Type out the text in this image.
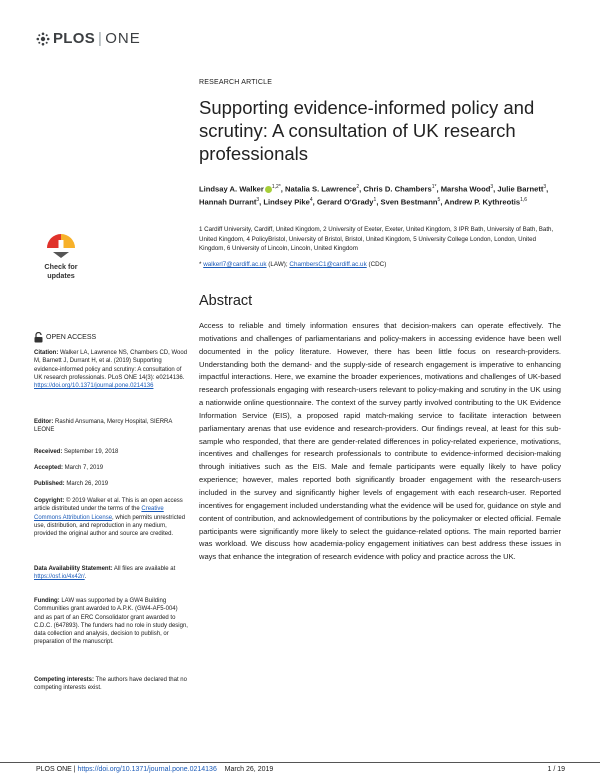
PLOS | ONE
Check for
updates
OPEN ACCESS
Citation: Walker LA, Lawrence NS, Chambers CD, Wood M, Barnett J, Durrant H, et al. (2019) Supporting evidence-informed policy and scrutiny: A consultation of UK research professionals. PLoS ONE 14(3): e0214136. https://doi.org/10.1371/journal.pone.0214136
Editor: Rashid Ansumana, Mercy Hospital, SIERRA LEONE
Received: September 19, 2018
Accepted: March 7, 2019
Published: March 26, 2019
Copyright: © 2019 Walker et al. This is an open access article distributed under the terms of the Creative Commons Attribution License, which permits unrestricted use, distribution, and reproduction in any medium, provided the original author and source are credited.
Data Availability Statement: All files are available at https://osf.io/4x42r/.
Funding: LAW was supported by a GW4 Building Communities grant awarded to A.P.K. (GW4-AF5-004) and as part of an ERC Consolidator grant awarded to C.D.C. (647893). The funders had no role in study design, data collection and analysis, decision to publish, or preparation of the manuscript.
Competing interests: The authors have declared that no competing interests exist.
RESEARCH ARTICLE
Supporting evidence-informed policy and scrutiny: A consultation of UK research professionals
Lindsay A. Walker $^{1,2*}$, Natalia S. Lawrence$^2$, Chris D. Chambers$^{1*}$, Marsha Wood$^3$, Julie Barnett$^3$, Hannah Durrant$^3$, Lindsey Pike$^4$, Gerard O'Grady$^1$, Sven Bestmann$^5$, Andrew P. Kythreotis$^{1,6}$
1 Cardiff University, Cardiff, United Kingdom, 2 University of Exeter, Exeter, United Kingdom, 3 IPR Bath, University of Bath, Bath, United Kingdom, 4 PolicyBristol, University of Bristol, Bristol, United Kingdom, 5 University College London, London, United Kingdom, 6 University of Lincoln, Lincoln, United Kingdom
* walkerl7@cardiff.ac.uk (LAW); ChambersC1@cardiff.ac.uk (CDC)
Abstract
Access to reliable and timely information ensures that decision-makers can operate effectively. The motivations and challenges of parliamentarians and policy-makers in accessing evidence have been well documented in the policy literature. However, there has been little focus on research-providers. Understanding both the demand- and the supply-side of research engagement is imperative to enhancing impactful interactions. Here, we examine the broader experiences, motivations and challenges of UK-based research professionals engaging with research-users relevant to policy-making and scrutiny in the UK using a nationwide online questionnaire. The context of the survey partly involved contributing to the UK Evidence Information Service (EIS), a proposed rapid match-making service to facilitate interaction between parliamentary arenas that use evidence and research-providers. Our findings reveal, at least for this sub-sample who responded, that there are gender-related differences in policy-related experience, motivations, incentives and challenges for research professionals to contribute to evidence-informed decision-making through initiatives such as the EIS. Male and female participants were equally likely to have policy experience; however, males reported both significantly broader engagement with the research-users included in the survey and significantly higher levels of engagement with each research-user. Reported incentives for engagement included understanding what the evidence will be used for, guidance on style and content of contribution, and acknowledgement of contributions by the policymaker or elected official. Female participants were significantly more likely to select the guidance-related options. The main reported barrier was workload. We discuss how academia-policy engagement initiatives can best address these issues in ways that enhance the integration of research evidence with policy and practice across the UK.
PLOS ONE | https://doi.org/10.1371/journal.pone.0214136 March 26, 2019	1 / 19
